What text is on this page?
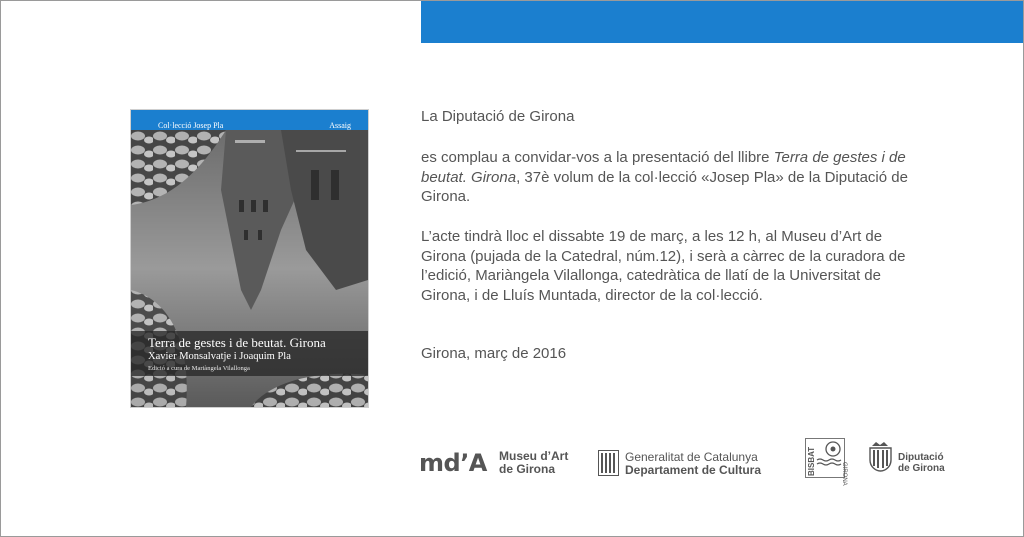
Col·lecció Josep Pla	Assaig
Terra de gestes i de beutat. Girona
Xavier Monsalvatje i Joaquim Pla
Edició a cura de Mariàngela Vilallonga

La Diputació de Girona

es complau a convidar-vos a la presentació del llibre Terra de gestes i de beutat. Girona, 37è volum de la col·lecció «Josep Pla» de la Diputació de Girona.

L’acte tindrà lloc el dissabte 19 de març, a les 12 h, al Museu d’Art de Girona (pujada de la Catedral, núm.12), i serà a càrrec de la curadora de l’edició, Mariàngela Vilallonga, catedràtica de llatí de la Universitat de Girona, i de Lluís Muntada, director de la col·lecció.

Girona, març de 2016

md’A Museu d’Art
de Girona
Generalitat de Catalunya
Departament de Cultura	BISBAT	GIRONA
Diputació
de Girona
